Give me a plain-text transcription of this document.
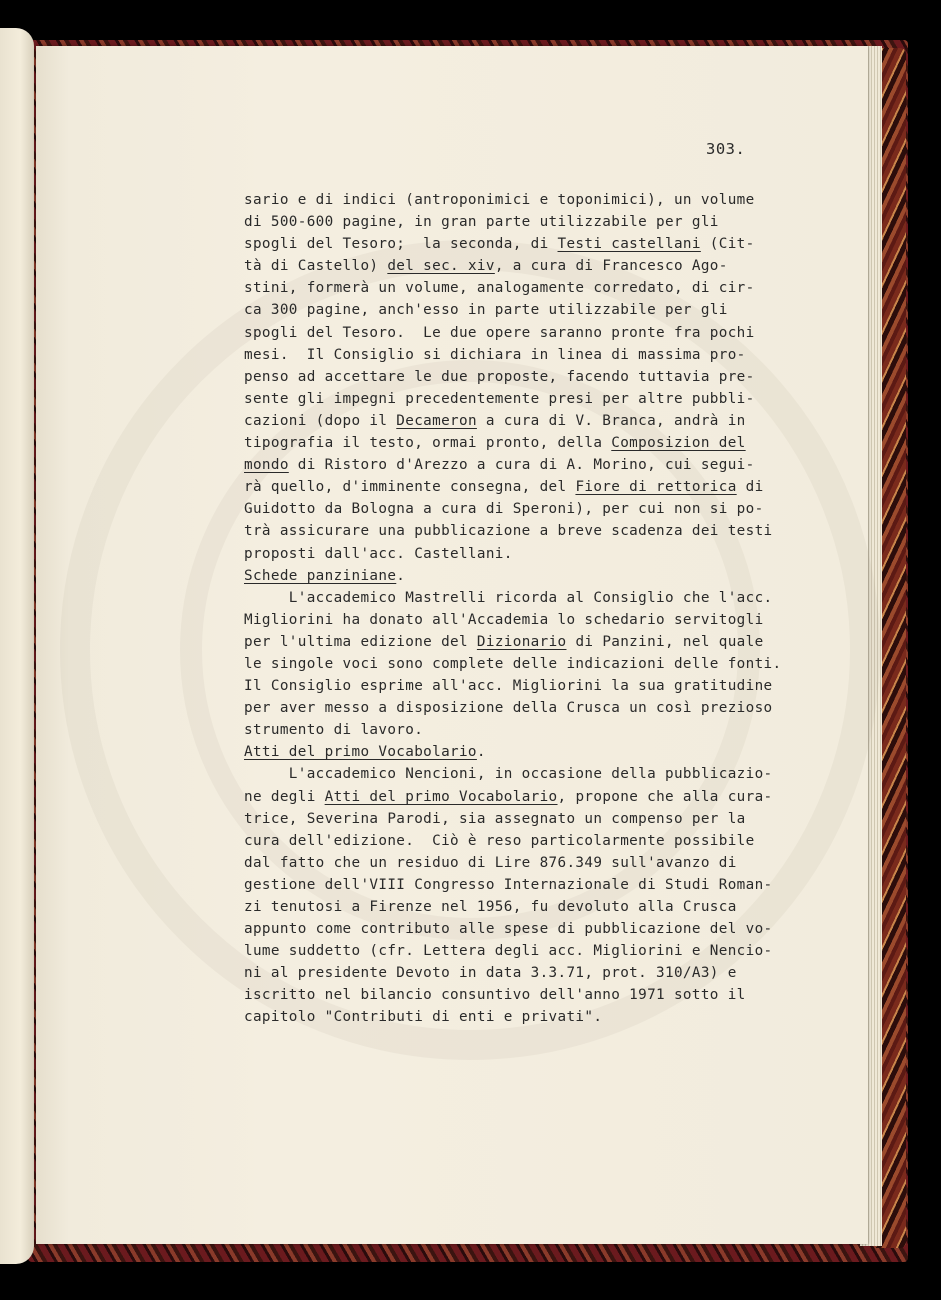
303.
sario e di indici (antroponimici e toponimici), un volume
di 500-600 pagine, in gran parte utilizzabile per gli
spogli del Tesoro;  la seconda, di Testi castellani (Cit-
tà di Castello) del sec. xiv, a cura di Francesco Ago-
stini, formerà un volume, analogamente corredato, di cir-
ca 300 pagine, anch'esso in parte utilizzabile per gli
spogli del Tesoro.  Le due opere saranno pronte fra pochi
mesi.  Il Consiglio si dichiara in linea di massima pro-
penso ad accettare le due proposte, facendo tuttavia pre-
sente gli impegni precedentemente presi per altre pubbli-
cazioni (dopo il Decameron a cura di V. Branca, andrà in
tipografia il testo, ormai pronto, della Composizion del
mondo di Ristoro d'Arezzo a cura di A. Morino, cui segui-
rà quello, d'imminente consegna, del Fiore di rettorica di
Guidotto da Bologna a cura di Speroni), per cui non si po-
trà assicurare una pubblicazione a breve scadenza dei testi
proposti dall'acc. Castellani.
Schede panziniane.
L'accademico Mastrelli ricorda al Consiglio che l'acc.
Migliorini ha donato all'Accademia lo schedario servitogli
per l'ultima edizione del Dizionario di Panzini, nel quale
le singole voci sono complete delle indicazioni delle fonti.
Il Consiglio esprime all'acc. Migliorini la sua gratitudine
per aver messo a disposizione della Crusca un così prezioso
strumento di lavoro.
Atti del primo Vocabolario.
L'accademico Nencioni, in occasione della pubblicazio-
ne degli Atti del primo Vocabolario, propone che alla cura-
trice, Severina Parodi, sia assegnato un compenso per la
cura dell'edizione.  Ciò è reso particolarmente possibile
dal fatto che un residuo di Lire 876.349 sull'avanzo di
gestione dell'VIII Congresso Internazionale di Studi Roman-
zi tenutosi a Firenze nel 1956, fu devoluto alla Crusca
appunto come contributo alle spese di pubblicazione del vo-
lume suddetto (cfr. Lettera degli acc. Migliorini e Nencio-
ni al presidente Devoto in data 3.3.71, prot. 310/A3) e
iscritto nel bilancio consuntivo dell'anno 1971 sotto il
capitolo "Contributi di enti e privati".
